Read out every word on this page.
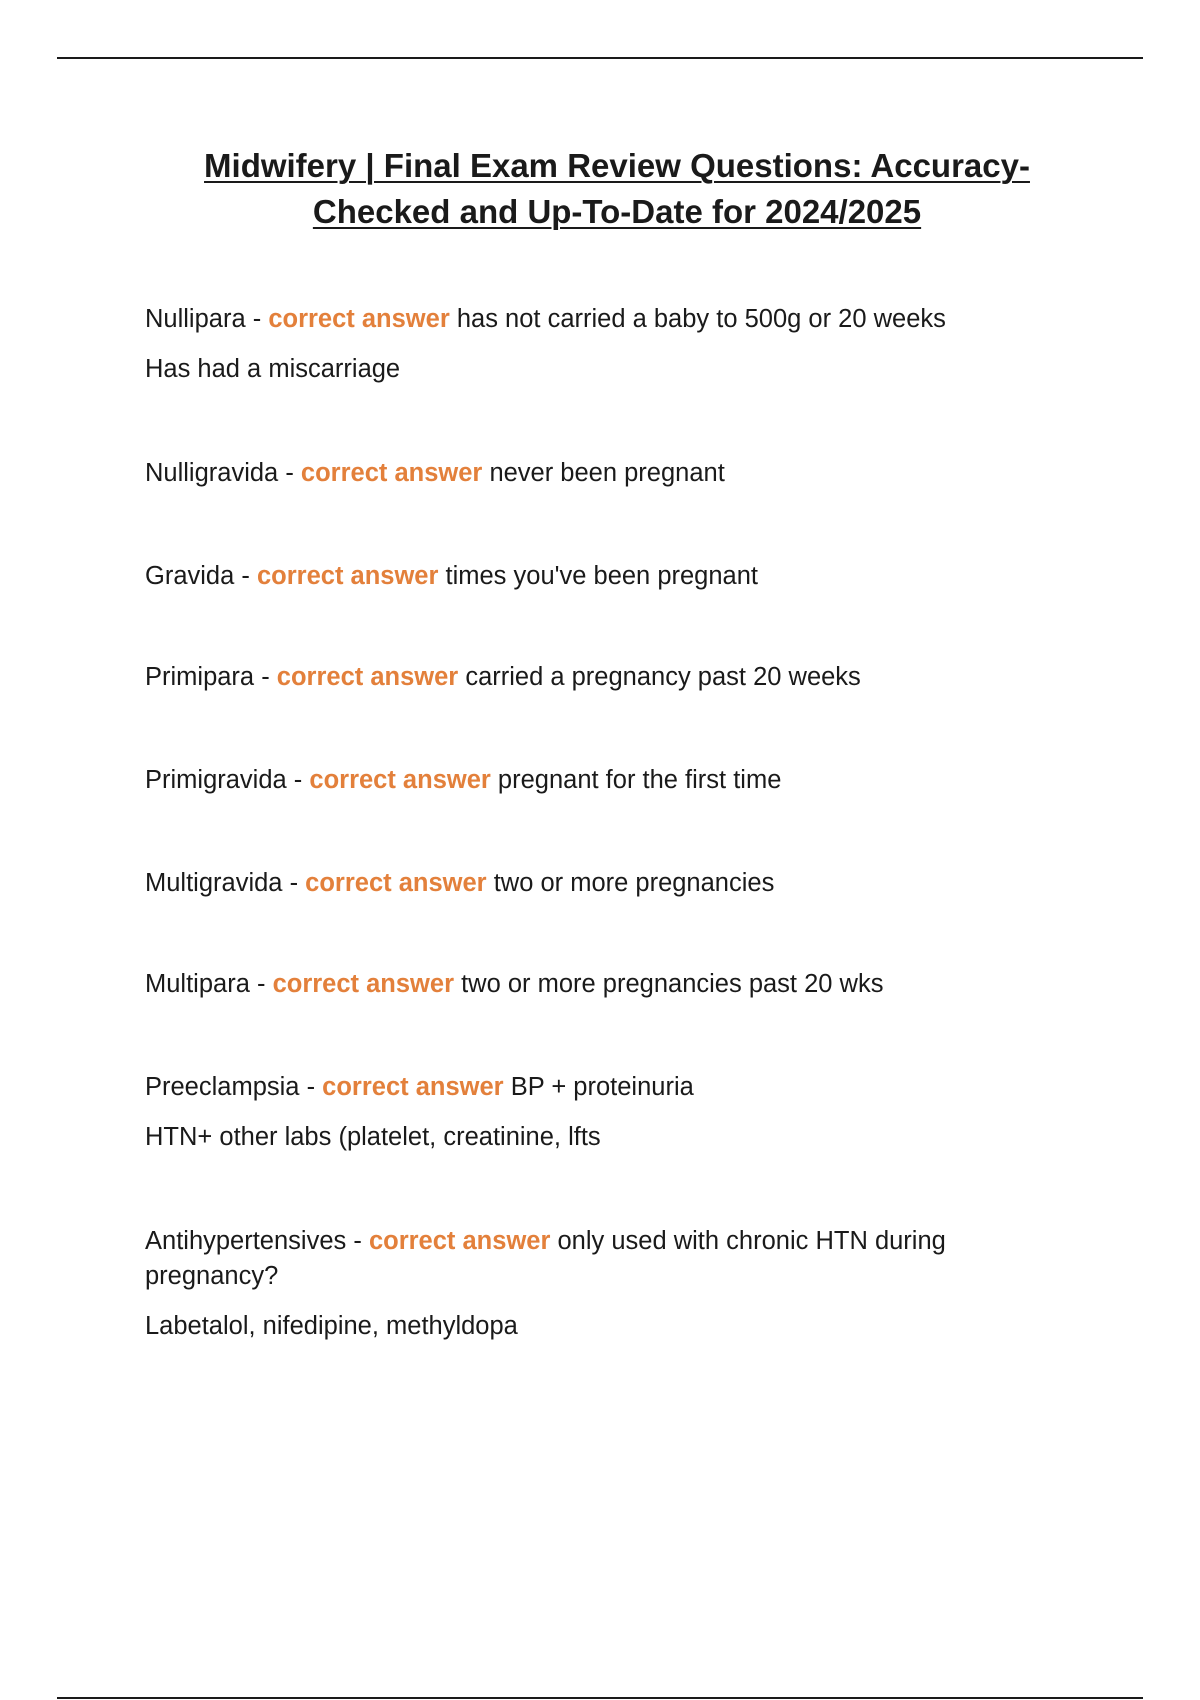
Midwifery | Final Exam Review Questions: Accuracy-Checked and Up-To-Date for 2024/2025
Nullipara - correct answer has not carried a baby to 500g or 20 weeks
Has had a miscarriage
Nulligravida - correct answer never been pregnant
Gravida - correct answer times you've been pregnant
Primipara - correct answer carried a pregnancy past 20 weeks
Primigravida - correct answer pregnant for the first time
Multigravida - correct answer two or more pregnancies
Multipara - correct answer two or more pregnancies past 20 wks
Preeclampsia - correct answer BP + proteinuria
HTN+ other labs (platelet, creatinine, lfts
Antihypertensives - correct answer only used with chronic HTN during pregnancy?
Labetalol, nifedipine, methyldopa
